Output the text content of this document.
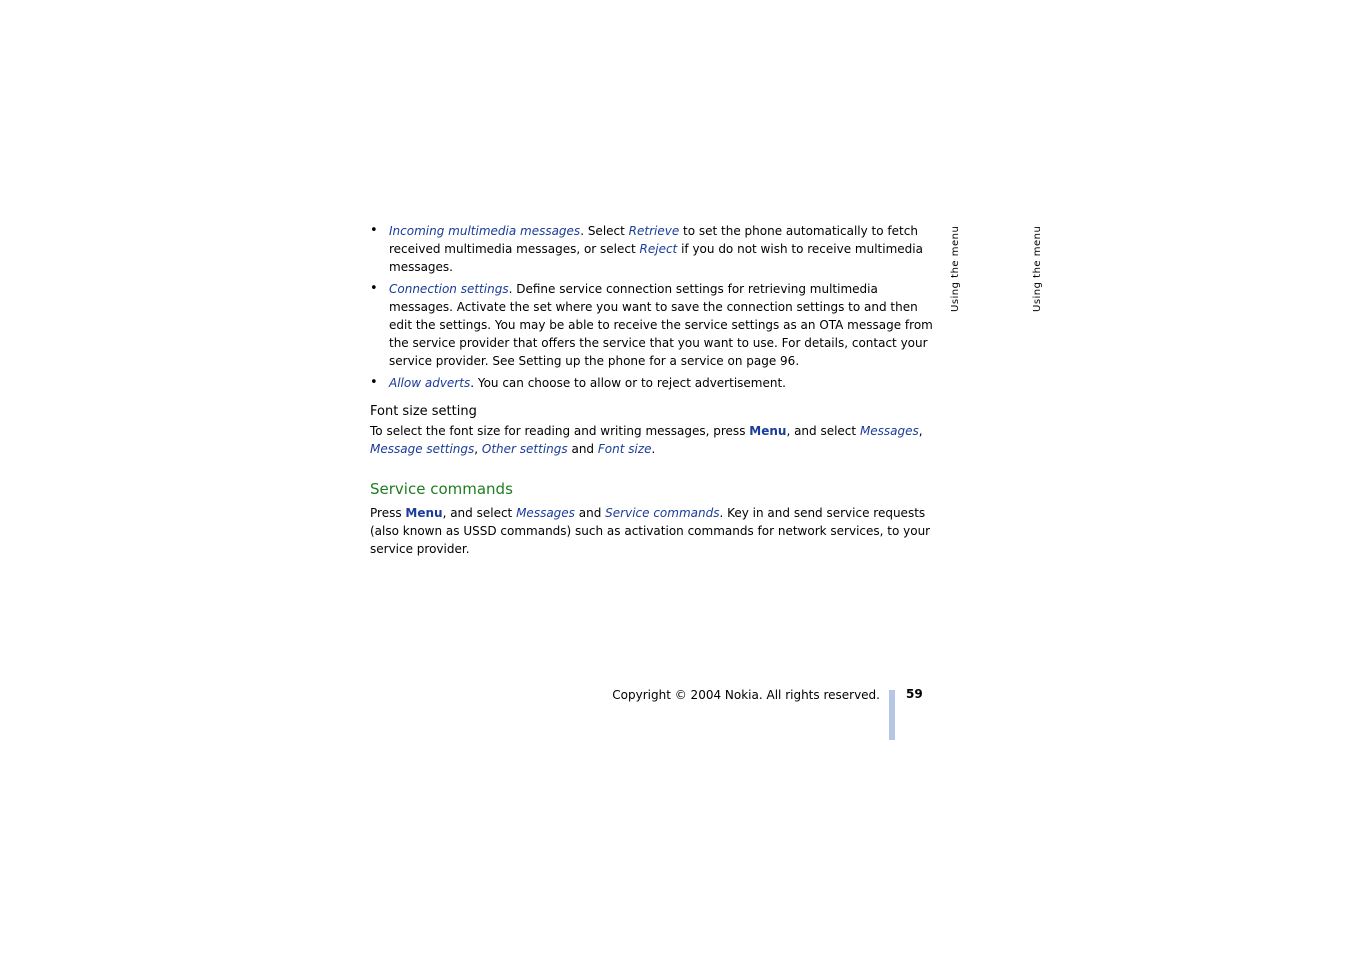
• Incoming multimedia messages. Select Retrieve to set the phone automatically to fetch received multimedia messages, or select Reject if you do not wish to receive multimedia messages.
• Connection settings. Define service connection settings for retrieving multimedia messages. Activate the set where you want to save the connection settings to and then edit the settings. You may be able to receive the service settings as an OTA message from the service provider that offers the service that you want to use. For details, contact your service provider. See Setting up the phone for a service on page 96.
• Allow adverts. You can choose to allow or to reject advertisement.
Font size setting

To select the font size for reading and writing messages, press Menu, and select Messages, Message settings, Other settings and Font size.

Service commands

Press Menu, and select Messages and Service commands. Key in and send service requests (also known as USSD commands) such as activation commands for network services, to your service provider.

Using the menu	Using the menu
Copyright © 2004 Nokia. All rights reserved. 59
